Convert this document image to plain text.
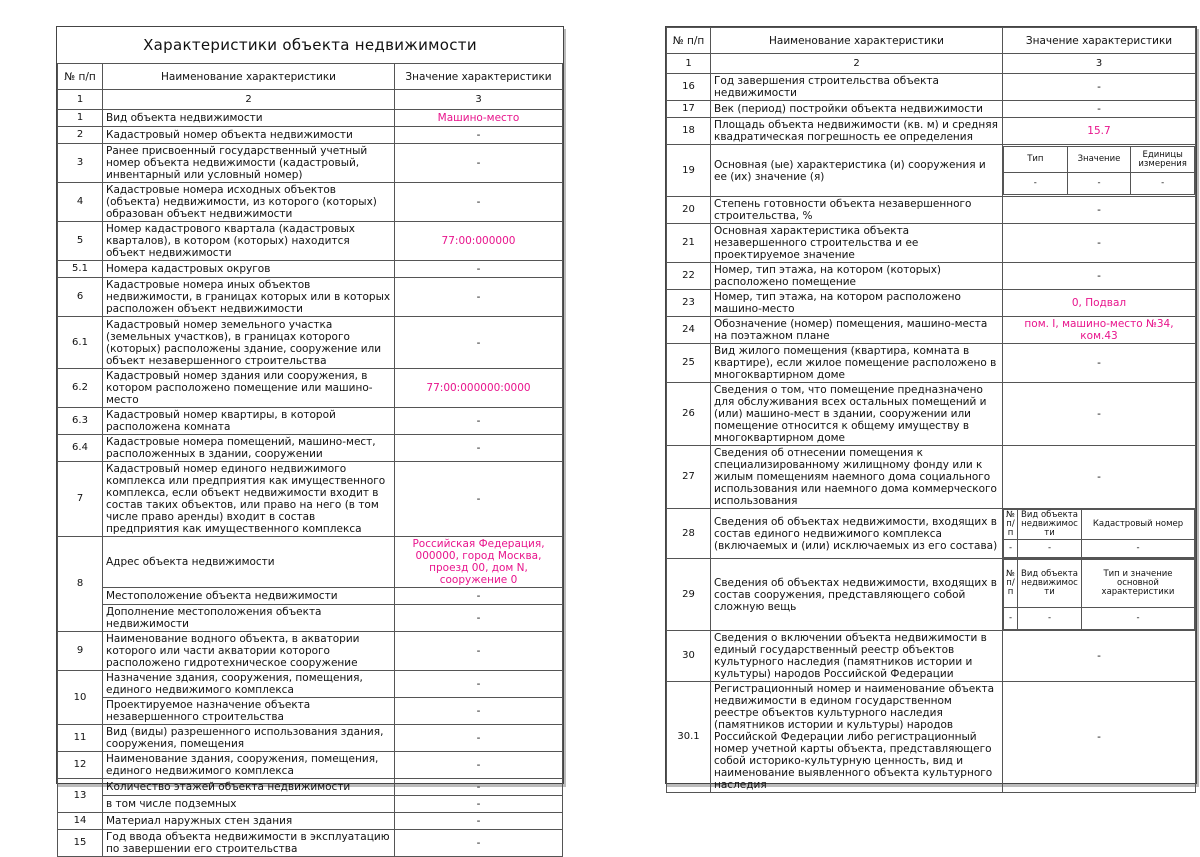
Характеристики объекта недвижимости		
№ п/п	Наименование характеристики	Значение характеристики
1	2	3
1	Вид объекта недвижимости	Машино-место
2	Кадастровый номер объекта недвижимости	-
3	Ранее присвоенный государственный учетный номер объекта недвижимости (кадастровый, инвентарный или условный номер)	-
4	Кадастровые номера исходных объектов (объекта) недвижимости, из которого (которых) образован объект недвижимости	-
5	Номер кадастрового квартала (кадастровых кварталов), в котором (которых) находится объект недвижимости	77:00:000000
5.1	Номера кадастровых округов	-
6	Кадастровые номера иных объектов недвижимости, в границах которых или в которых расположен объект недвижимости	-
6.1	Кадастровый номер земельного участка (земельных участков), в границах которого (которых) расположены здание, сооружение или объект незавершенного строительства	-
6.2	Кадастровый номер здания или сооружения, в котором расположено помещение или машино-место	77:00:000000:0000
6.3	Кадастровый номер квартиры, в которой расположена комната	-
6.4	Кадастровые номера помещений, машино-мест, расположенных в здании, сооружении	-
7	Кадастровый номер единого недвижимого комплекса или предприятия как имущественного комплекса, если объект недвижимости входит в состав таких объектов, или право на него (в том числе право аренды) входит в состав предприятия как имущественного комплекса	-
8	Адрес объекта недвижимости	Российская Федерация, 000000, город Москва, проезд 00, дом N, сооружение 0
	Местоположение объекта недвижимости	-
	Дополнение местоположения объекта недвижимости	-
9	Наименование водного объекта, в акватории которого или части акватории которого расположено гидротехническое сооружение	-
10	Назначение здания, сооружения, помещения, единого недвижимого комплекса	-
	Проектируемое назначение объекта незавершенного строительства	-
11	Вид (виды) разрешенного использования здания, сооружения, помещения	-
12	Наименование здания, сооружения, помещения, единого недвижимого комплекса	-
13	Количество этажей объекта недвижимости	-
	в том числе подземных	-
14	Материал наружных стен здания	-
15	Год ввода объекта недвижимости в эксплуатацию по завершении его строительства	-
№ п/п	Наименование характеристики	Значение характеристики
1	2	3
16	Год завершения строительства объекта недвижимости	-
17	Век (период) постройки объекта недвижимости	-
18	Площадь объекта недвижимости (кв. м) и средняя квадратическая погрешность ее определения	15.7
19	Основная (ые) характеристика (и) сооружения и ее (их) значение (я)	
Тип	Значение	Единицы измерения
-	-	-

20	Степень готовности объекта незавершенного строительства, %	-
21	Основная характеристика объекта незавершенного строительства и ее проектируемое значение	-
22	Номер, тип этажа, на котором (которых) расположено помещение	-
23	Номер, тип этажа, на котором расположено машино-место	0, Подвал
24	Обозначение (номер) помещения, машино-места на поэтажном плане	пом. I, машино-место №34, ком.43
25	Вид жилого помещения (квартира, комната в квартире), если жилое помещение расположено в многоквартирном доме	-
26	Сведения о том, что помещение предназначено для обслуживания всех остальных помещений и (или) машино-мест в здании, сооружении или помещение относится к общему имуществу в многоквартирном доме	-
27	Сведения об отнесении помещения к специализированному жилищному фонду или к жилым помещениям наемного дома социального использования или наемного дома коммерческого использования	-
28	Сведения об объектах недвижимости, входящих в состав единого недвижимого комплекса (включаемых и (или) исключаемых из его состава)	
№ п/п	Вид объекта недвижимости	Кадастровый номер
-	-	-

29	Сведения об объектах недвижимости, входящих в состав сооружения, представляющего собой сложную вещь	
№ п/п	Вид объекта недвижимости	Тип и значение основной характеристики
-	-	-

30	Сведения о включении объекта недвижимости в единый государственный реестр объектов культурного наследия (памятников истории и культуры) народов Российской Федерации	-
30.1	Регистрационный номер и наименование объекта недвижимости в едином государственном реестре объектов культурного наследия (памятников истории и культуры) народов Российской Федерации либо регистрационный номер учетной карты объекта, представляющего собой историко-культурную ценность, вид и наименование выявленного объекта культурного наследия	-
